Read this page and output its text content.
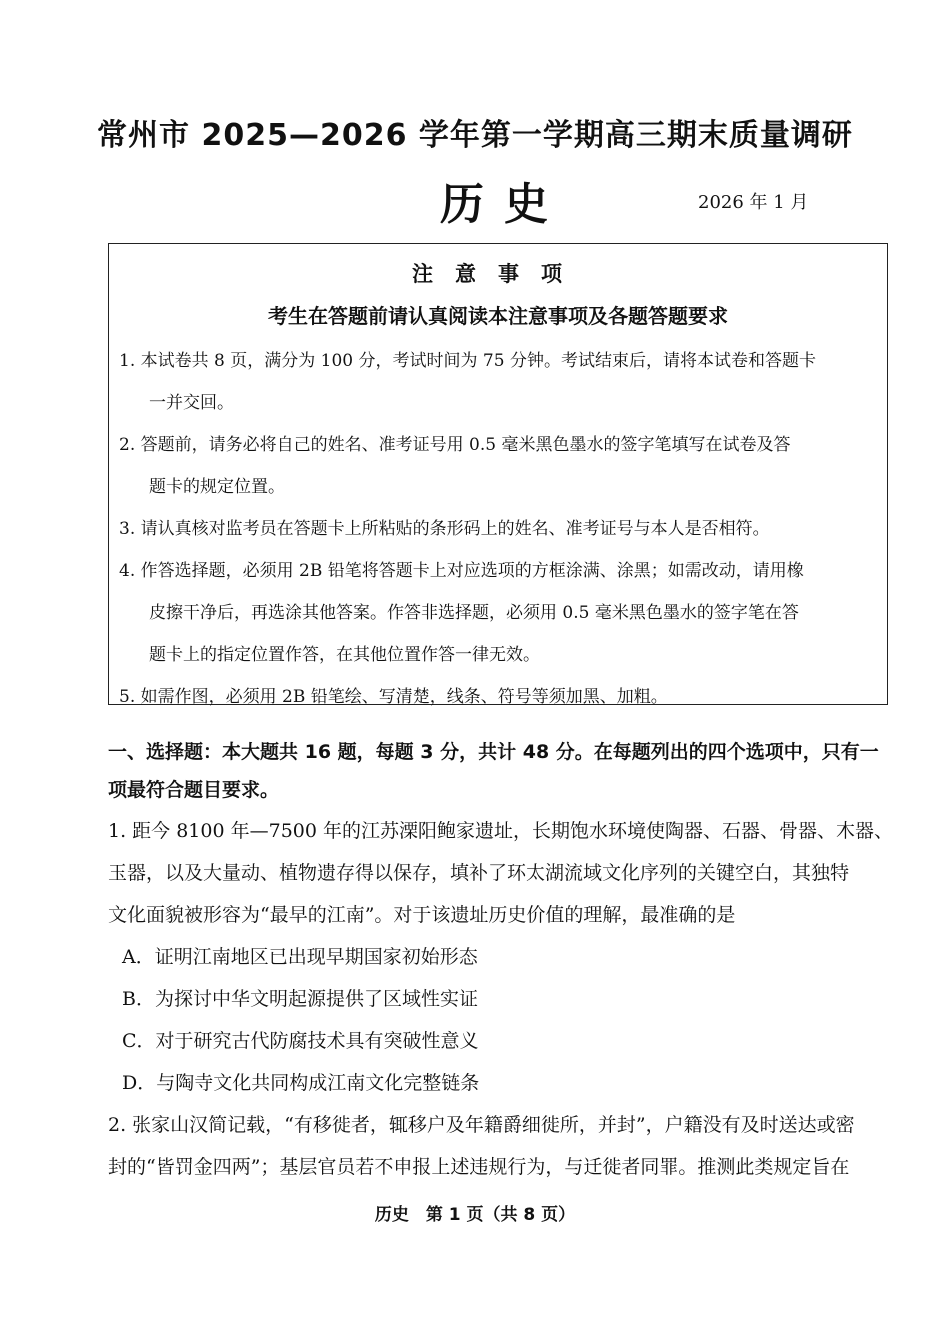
常州市 2025—2026 学年第一学期高三期末质量调研
历史	2026 年 1 月
注意事项
考生在答题前请认真阅读本注意事项及各题答题要求
1. 本试卷共 8 页，满分为 100 分，考试时间为 75 分钟。考试结束后，请将本试卷和答题卡
一并交回。
2. 答题前，请务必将自己的姓名、准考证号用 0.5 毫米黑色墨水的签字笔填写在试卷及答
题卡的规定位置。
3. 请认真核对监考员在答题卡上所粘贴的条形码上的姓名、准考证号与本人是否相符。
4. 作答选择题，必须用 2B 铅笔将答题卡上对应选项的方框涂满、涂黑；如需改动，请用橡
皮擦干净后，再选涂其他答案。作答非选择题，必须用 0.5 毫米黑色墨水的签字笔在答
题卡上的指定位置作答，在其他位置作答一律无效。
5. 如需作图，必须用 2B 铅笔绘、写清楚，线条、符号等须加黑、加粗。
一、选择题：本大题共 16 题，每题 3 分，共计 48 分。在每题列出的四个选项中，只有一
项最符合题目要求。
1. 距今 8100 年—7500 年的江苏溧阳鲍家遗址，长期饱水环境使陶器、石器、骨器、木器、
玉器，以及大量动、植物遗存得以保存，填补了环太湖流域文化序列的关键空白，其独特
文化面貌被形容为“最早的江南”。对于该遗址历史价值的理解，最准确的是
A．证明江南地区已出现早期国家初始形态
B．为探讨中华文明起源提供了区域性实证
C．对于研究古代防腐技术具有突破性意义
D．与陶寺文化共同构成江南文化完整链条
2. 张家山汉简记载，“有移徙者，辄移户及年籍爵细徙所，并封”，户籍没有及时送达或密
封的“皆罚金四两”；基层官员若不申报上述违规行为，与迁徙者同罪。推测此类规定旨在
历史　第 1 页（共 8 页）
